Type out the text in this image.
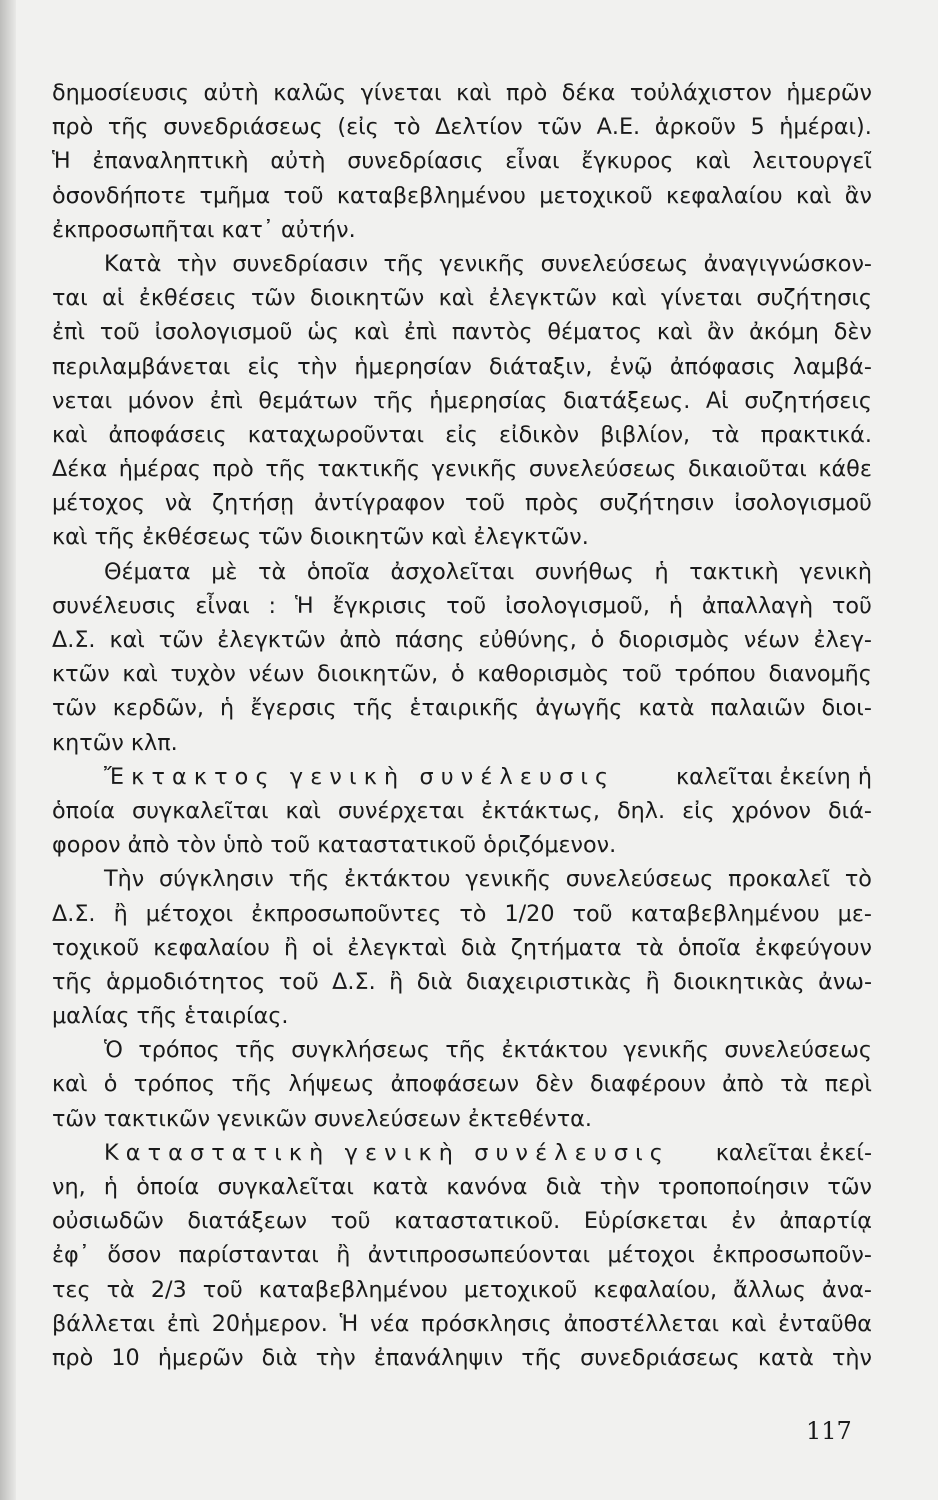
δημοσίευσις αὐτὴ καλῶς γίνεται καὶ πρὸ δέκα τοὐλάχιστον ἡμερῶν
πρὸ τῆς συνεδριάσεως (εἰς τὸ Δελτίον τῶν Α.Ε. ἀρκοῦν 5 ἡμέραι).
Ἡ ἐπαναληπτικὴ αὐτὴ συνεδρίασις εἶναι ἔγκυρος καὶ λειτουργεῖ
ὁσονδήποτε τμῆμα τοῦ καταβεβλημένου μετοχικοῦ κεφαλαίου καὶ ἂν
ἐκπροσωπῆται κατ᾽ αὐτήν.
Κατὰ τὴν συνεδρίασιν τῆς γενικῆς συνελεύσεως ἀναγιγνώσκον-
ται αἱ ἐκθέσεις τῶν διοικητῶν καὶ ἐλεγκτῶν καὶ γίνεται συζήτησις
ἐπὶ τοῦ ἰσολογισμοῦ ὡς καὶ ἐπὶ παντὸς θέματος καὶ ἂν ἀκόμη δὲν
περιλαμβάνεται εἰς τὴν ἡμερησίαν διάταξιν, ἐνῷ ἀπόφασις λαμβά-
νεται μόνον ἐπὶ θεμάτων τῆς ἡμερησίας διατάξεως. Αἱ συζητήσεις
καὶ ἀποφάσεις καταχωροῦνται εἰς εἰδικὸν βιβλίον, τὰ πρακτικά.
Δέκα ἡμέρας πρὸ τῆς τακτικῆς γενικῆς συνελεύσεως δικαιοῦται κάθε
μέτοχος νὰ ζητήσῃ ἀντίγραφον τοῦ πρὸς συζήτησιν ἰσολογισμοῦ
καὶ τῆς ἐκθέσεως τῶν διοικητῶν καὶ ἐλεγκτῶν.
Θέματα μὲ τὰ ὁποῖα ἀσχολεῖται συνήθως ἡ τακτικὴ γενικὴ
συνέλευσις εἶναι : Ἡ ἔγκρισις τοῦ ἰσολογισμοῦ, ἡ ἀπαλλαγὴ τοῦ
Δ.Σ. καὶ τῶν ἐλεγκτῶν ἀπὸ πάσης εὐθύνης, ὁ διορισμὸς νέων ἐλεγ-
κτῶν καὶ τυχὸν νέων διοικητῶν, ὁ καθορισμὸς τοῦ τρόπου διανομῆς
τῶν κερδῶν, ἡ ἔγερσις τῆς ἑταιρικῆς ἀγωγῆς κατὰ παλαιῶν διοι-
κητῶν κλπ.
Ἔκτακτος γενικὴ συνέλευσις	καλεῖται ἐκείνη ἡ
ὁποία συγκαλεῖται καὶ συνέρχεται ἐκτάκτως, δηλ. εἰς χρόνον διά-
φορον ἀπὸ τὸν ὑπὸ τοῦ καταστατικοῦ ὁριζόμενον.
Τὴν σύγκλησιν τῆς ἐκτάκτου γενικῆς συνελεύσεως προκαλεῖ τὸ
Δ.Σ. ἢ μέτοχοι ἐκπροσωποῦντες τὸ 1/20 τοῦ καταβεβλημένου με-
τοχικοῦ κεφαλαίου ἢ οἱ ἐλεγκταὶ διὰ ζητήματα τὰ ὁποῖα ἐκφεύγουν
τῆς ἁρμοδιότητος τοῦ Δ.Σ. ἢ διὰ διαχειριστικὰς ἢ διοικητικὰς ἀνω-
μαλίας τῆς ἑταιρίας.
Ὁ τρόπος τῆς συγκλήσεως τῆς ἐκτάκτου γενικῆς συνελεύσεως
καὶ ὁ τρόπος τῆς λήψεως ἀποφάσεων δὲν διαφέρουν ἀπὸ τὰ περὶ
τῶν τακτικῶν γενικῶν συνελεύσεων ἐκτεθέντα.
Καταστατικὴ γενικὴ συνέλευσις καλεῖται ἐκεί-
νη, ἡ ὁποία συγκαλεῖται κατὰ κανόνα διὰ τὴν τροποποίησιν τῶν
οὐσιωδῶν διατάξεων τοῦ καταστατικοῦ. Εὑρίσκεται ἐν ἀπαρτίᾳ
ἐφ᾽ ὅσον παρίστανται ἢ ἀντιπροσωπεύονται μέτοχοι ἐκπροσωποῦν-
τες τὰ 2/3 τοῦ καταβεβλημένου μετοχικοῦ κεφαλαίου, ἄλλως ἀνα-
βάλλεται ἐπὶ 20ἡμερον. Ἡ νέα πρόσκλησις ἀποστέλλεται καὶ ἐνταῦθα
πρὸ 10 ἡμερῶν διὰ τὴν ἐπανάληψιν τῆς συνεδριάσεως κατὰ τὴν
117
